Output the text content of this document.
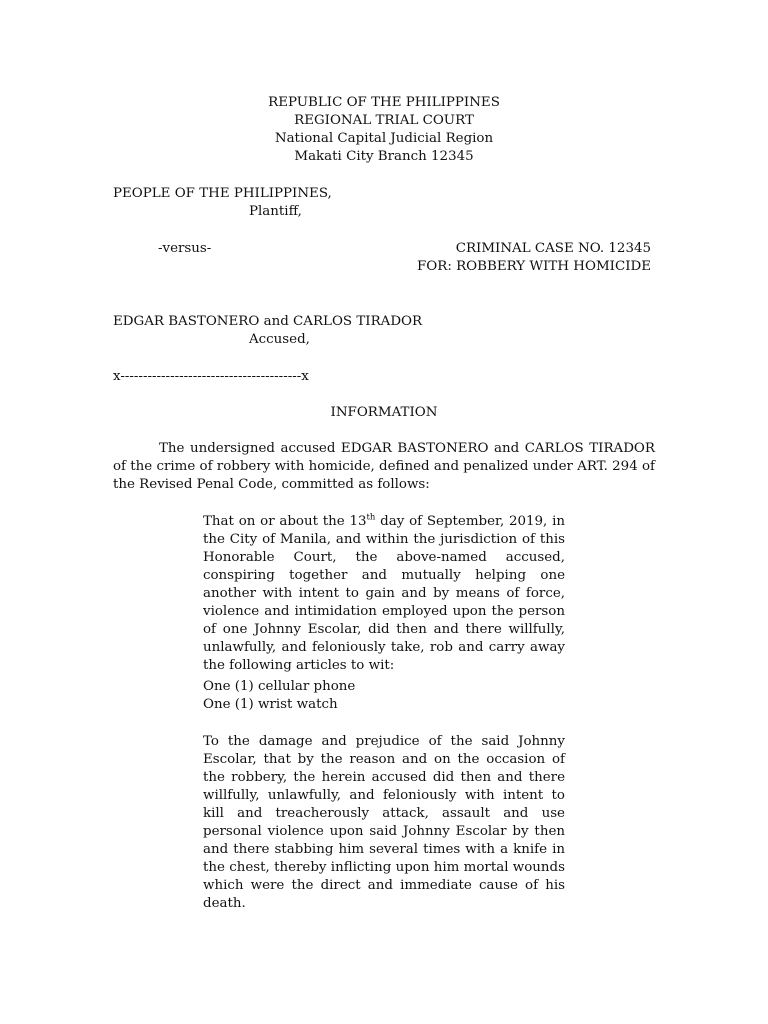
REPUBLIC OF THE PHILIPPINES
REGIONAL TRIAL COURT
National Capital Judicial Region
Makati City Branch 12345
PEOPLE OF THE PHILIPPINES,
Plantiff,
-versus-	CRIMINAL CASE NO. 12345
FOR: ROBBERY WITH HOMICIDE
EDGAR BASTONERO and CARLOS TIRADOR
Accused,
x----------------------------------------x
INFORMATION

The undersigned accused EDGAR BASTONERO and CARLOS TIRADOR of the crime of robbery with homicide, defined and penalized under ART. 294 of the Revised Penal Code, committed as follows:

That on or about the 13th day of September, 2019, in the City of Manila, and within the jurisdiction of this Honorable Court, the above-named accused, conspiring together and mutually helping one another with intent to gain and by means of force, violence and intimidation employed upon the person of one Johnny Escolar, did then and there willfully, unlawfully, and feloniously take, rob and carry away the following articles to wit:

One (1) cellular phone
One (1) wrist watch

To the damage and prejudice of the said Johnny Escolar, that by the reason and on the occasion of the robbery, the herein accused did then and there willfully, unlawfully, and feloniously with intent to kill and treacherously attack, assault and use personal violence upon said Johnny Escolar by then and there stabbing him several times with a knife in the chest, thereby inflicting upon him mortal wounds which were the direct and immediate cause of his death.
